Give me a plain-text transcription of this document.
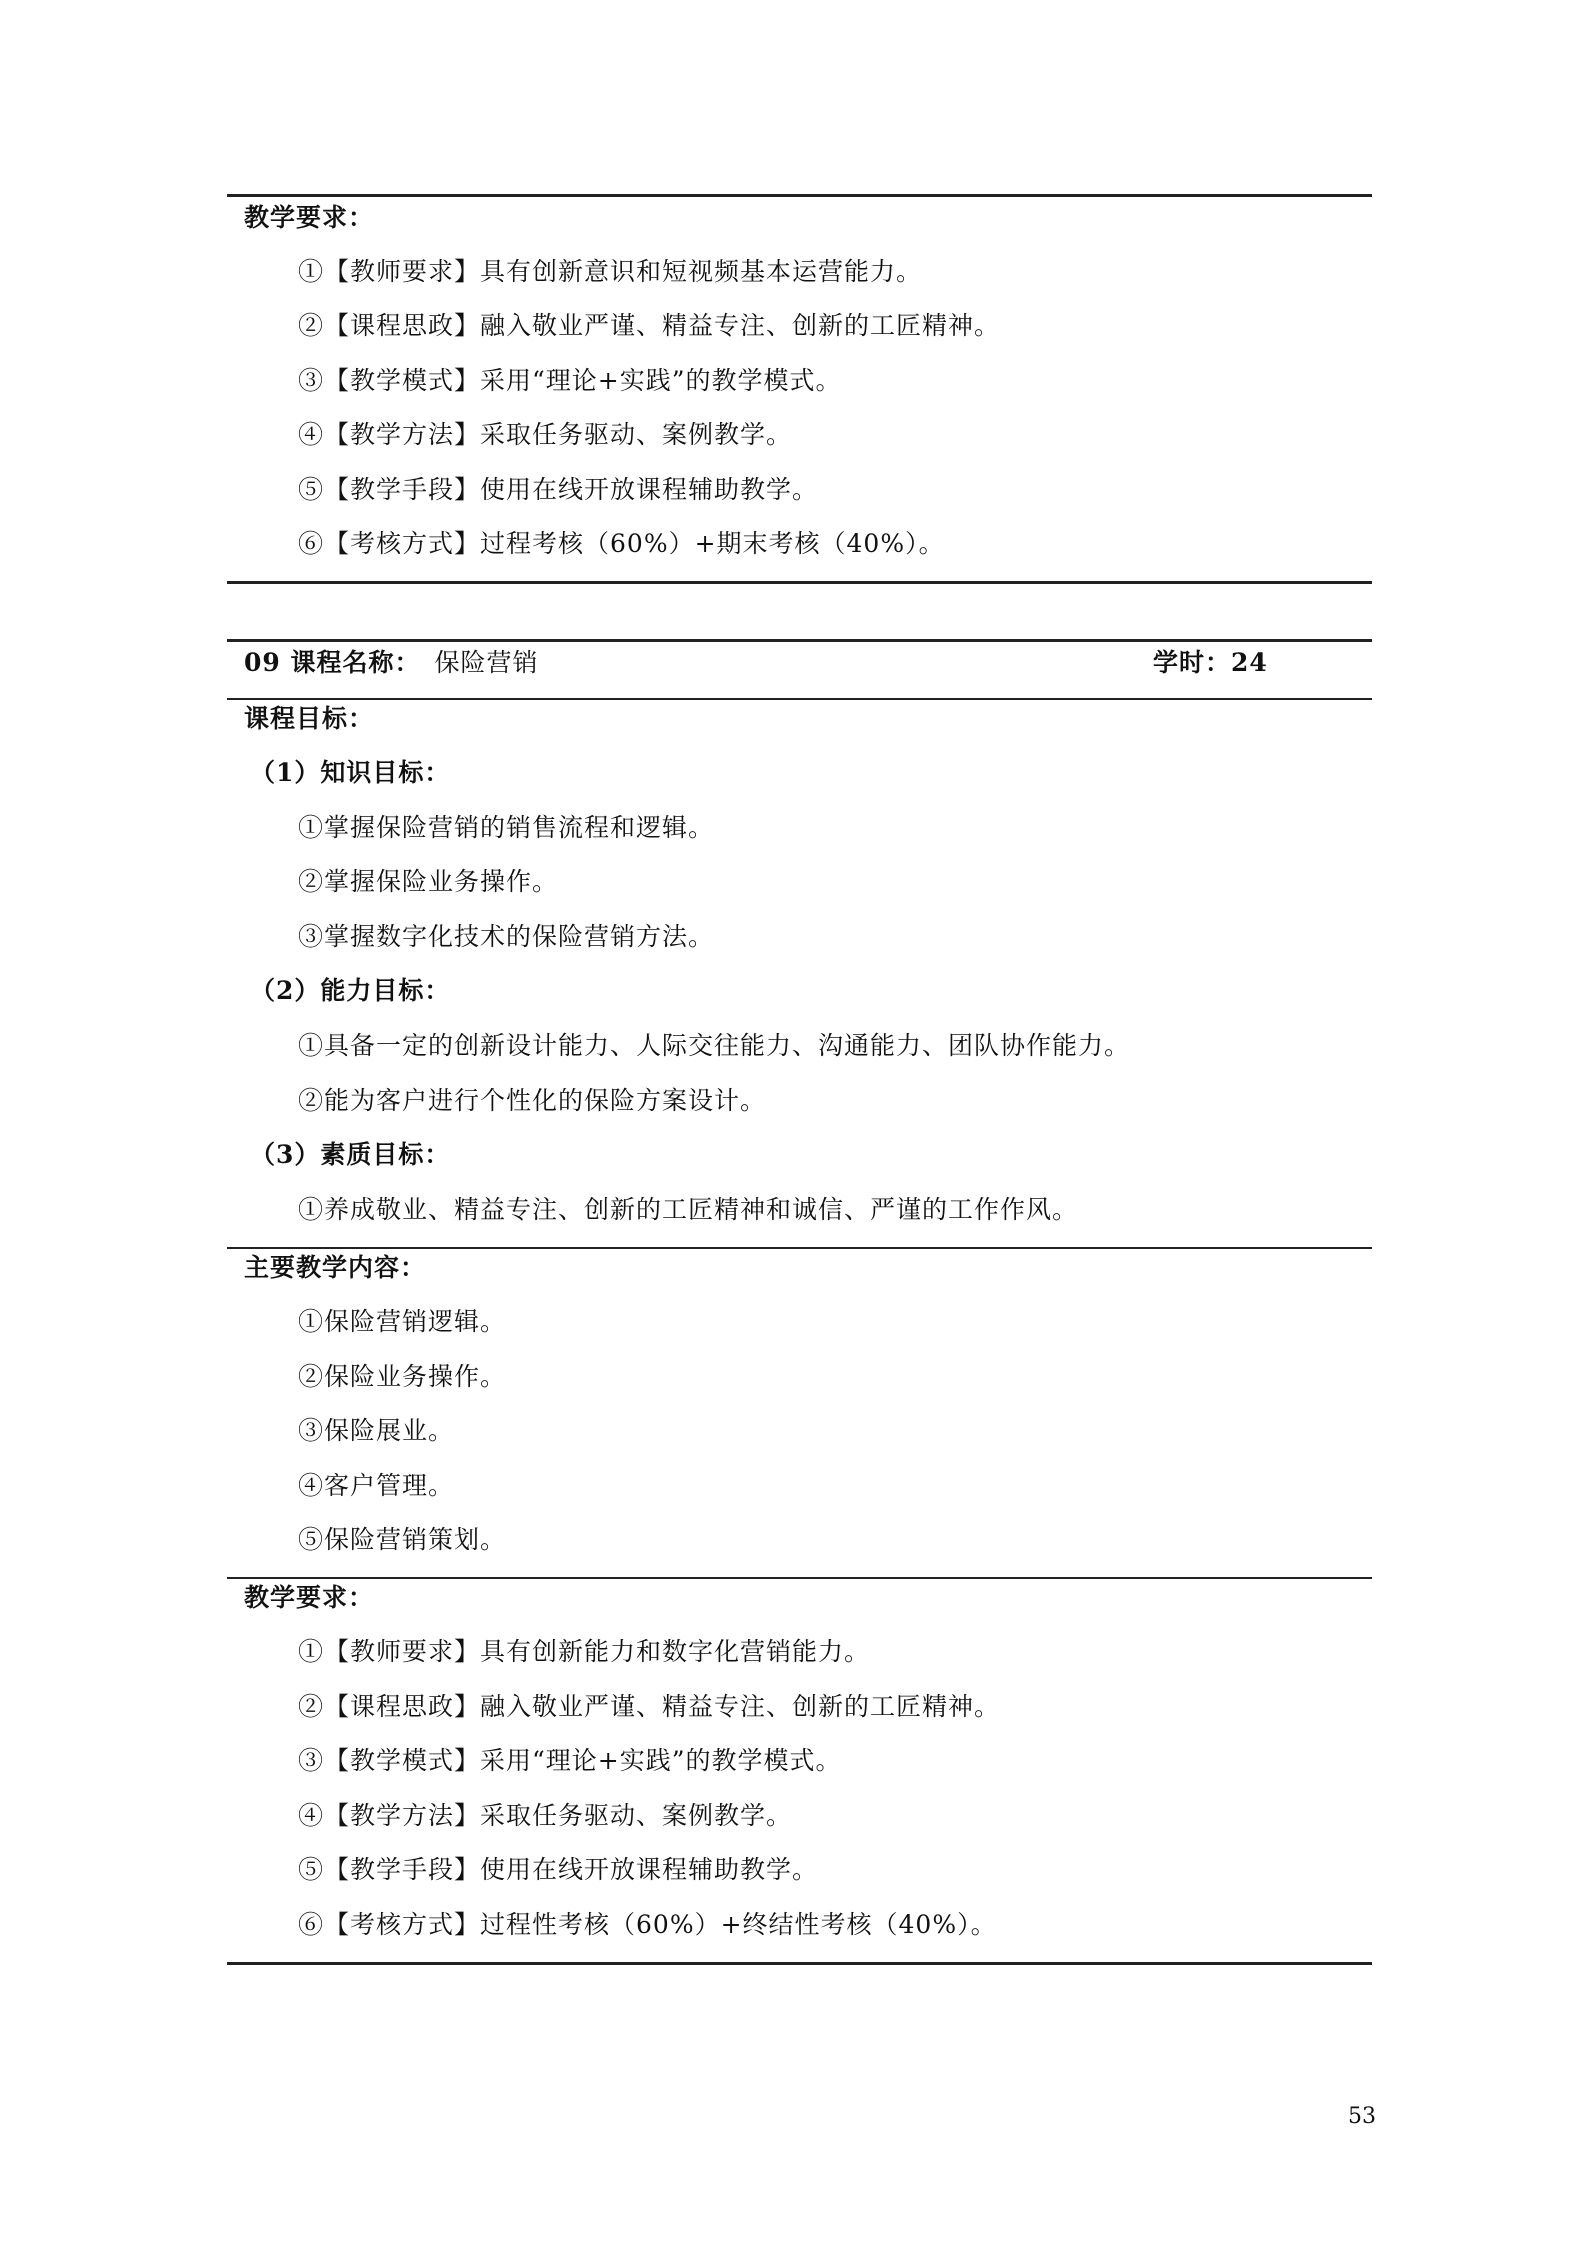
教学要求：
①【教师要求】具有创新意识和短视频基本运营能力。
②【课程思政】融入敬业严谨、精益专注、创新的工匠精神。
③【教学模式】采用“理论+实践”的教学模式。
④【教学方法】采取任务驱动、案例教学。
⑤【教学手段】使用在线开放课程辅助教学。
⑥【考核方式】过程考核（60%）+期末考核（40%）。
09 课程名称： 保险营销	学时：24
课程目标：
（1）知识目标：
①掌握保险营销的销售流程和逻辑。
②掌握保险业务操作。
③掌握数字化技术的保险营销方法。
（2）能力目标：
①具备一定的创新设计能力、人际交往能力、沟通能力、团队协作能力。
②能为客户进行个性化的保险方案设计。
（3）素质目标：
①养成敬业、精益专注、创新的工匠精神和诚信、严谨的工作作风。
主要教学内容：
①保险营销逻辑。
②保险业务操作。
③保险展业。
④客户管理。
⑤保险营销策划。
教学要求：
①【教师要求】具有创新能力和数字化营销能力。
②【课程思政】融入敬业严谨、精益专注、创新的工匠精神。
③【教学模式】采用“理论+实践”的教学模式。
④【教学方法】采取任务驱动、案例教学。
⑤【教学手段】使用在线开放课程辅助教学。
⑥【考核方式】过程性考核（60%）+终结性考核（40%）。
53
